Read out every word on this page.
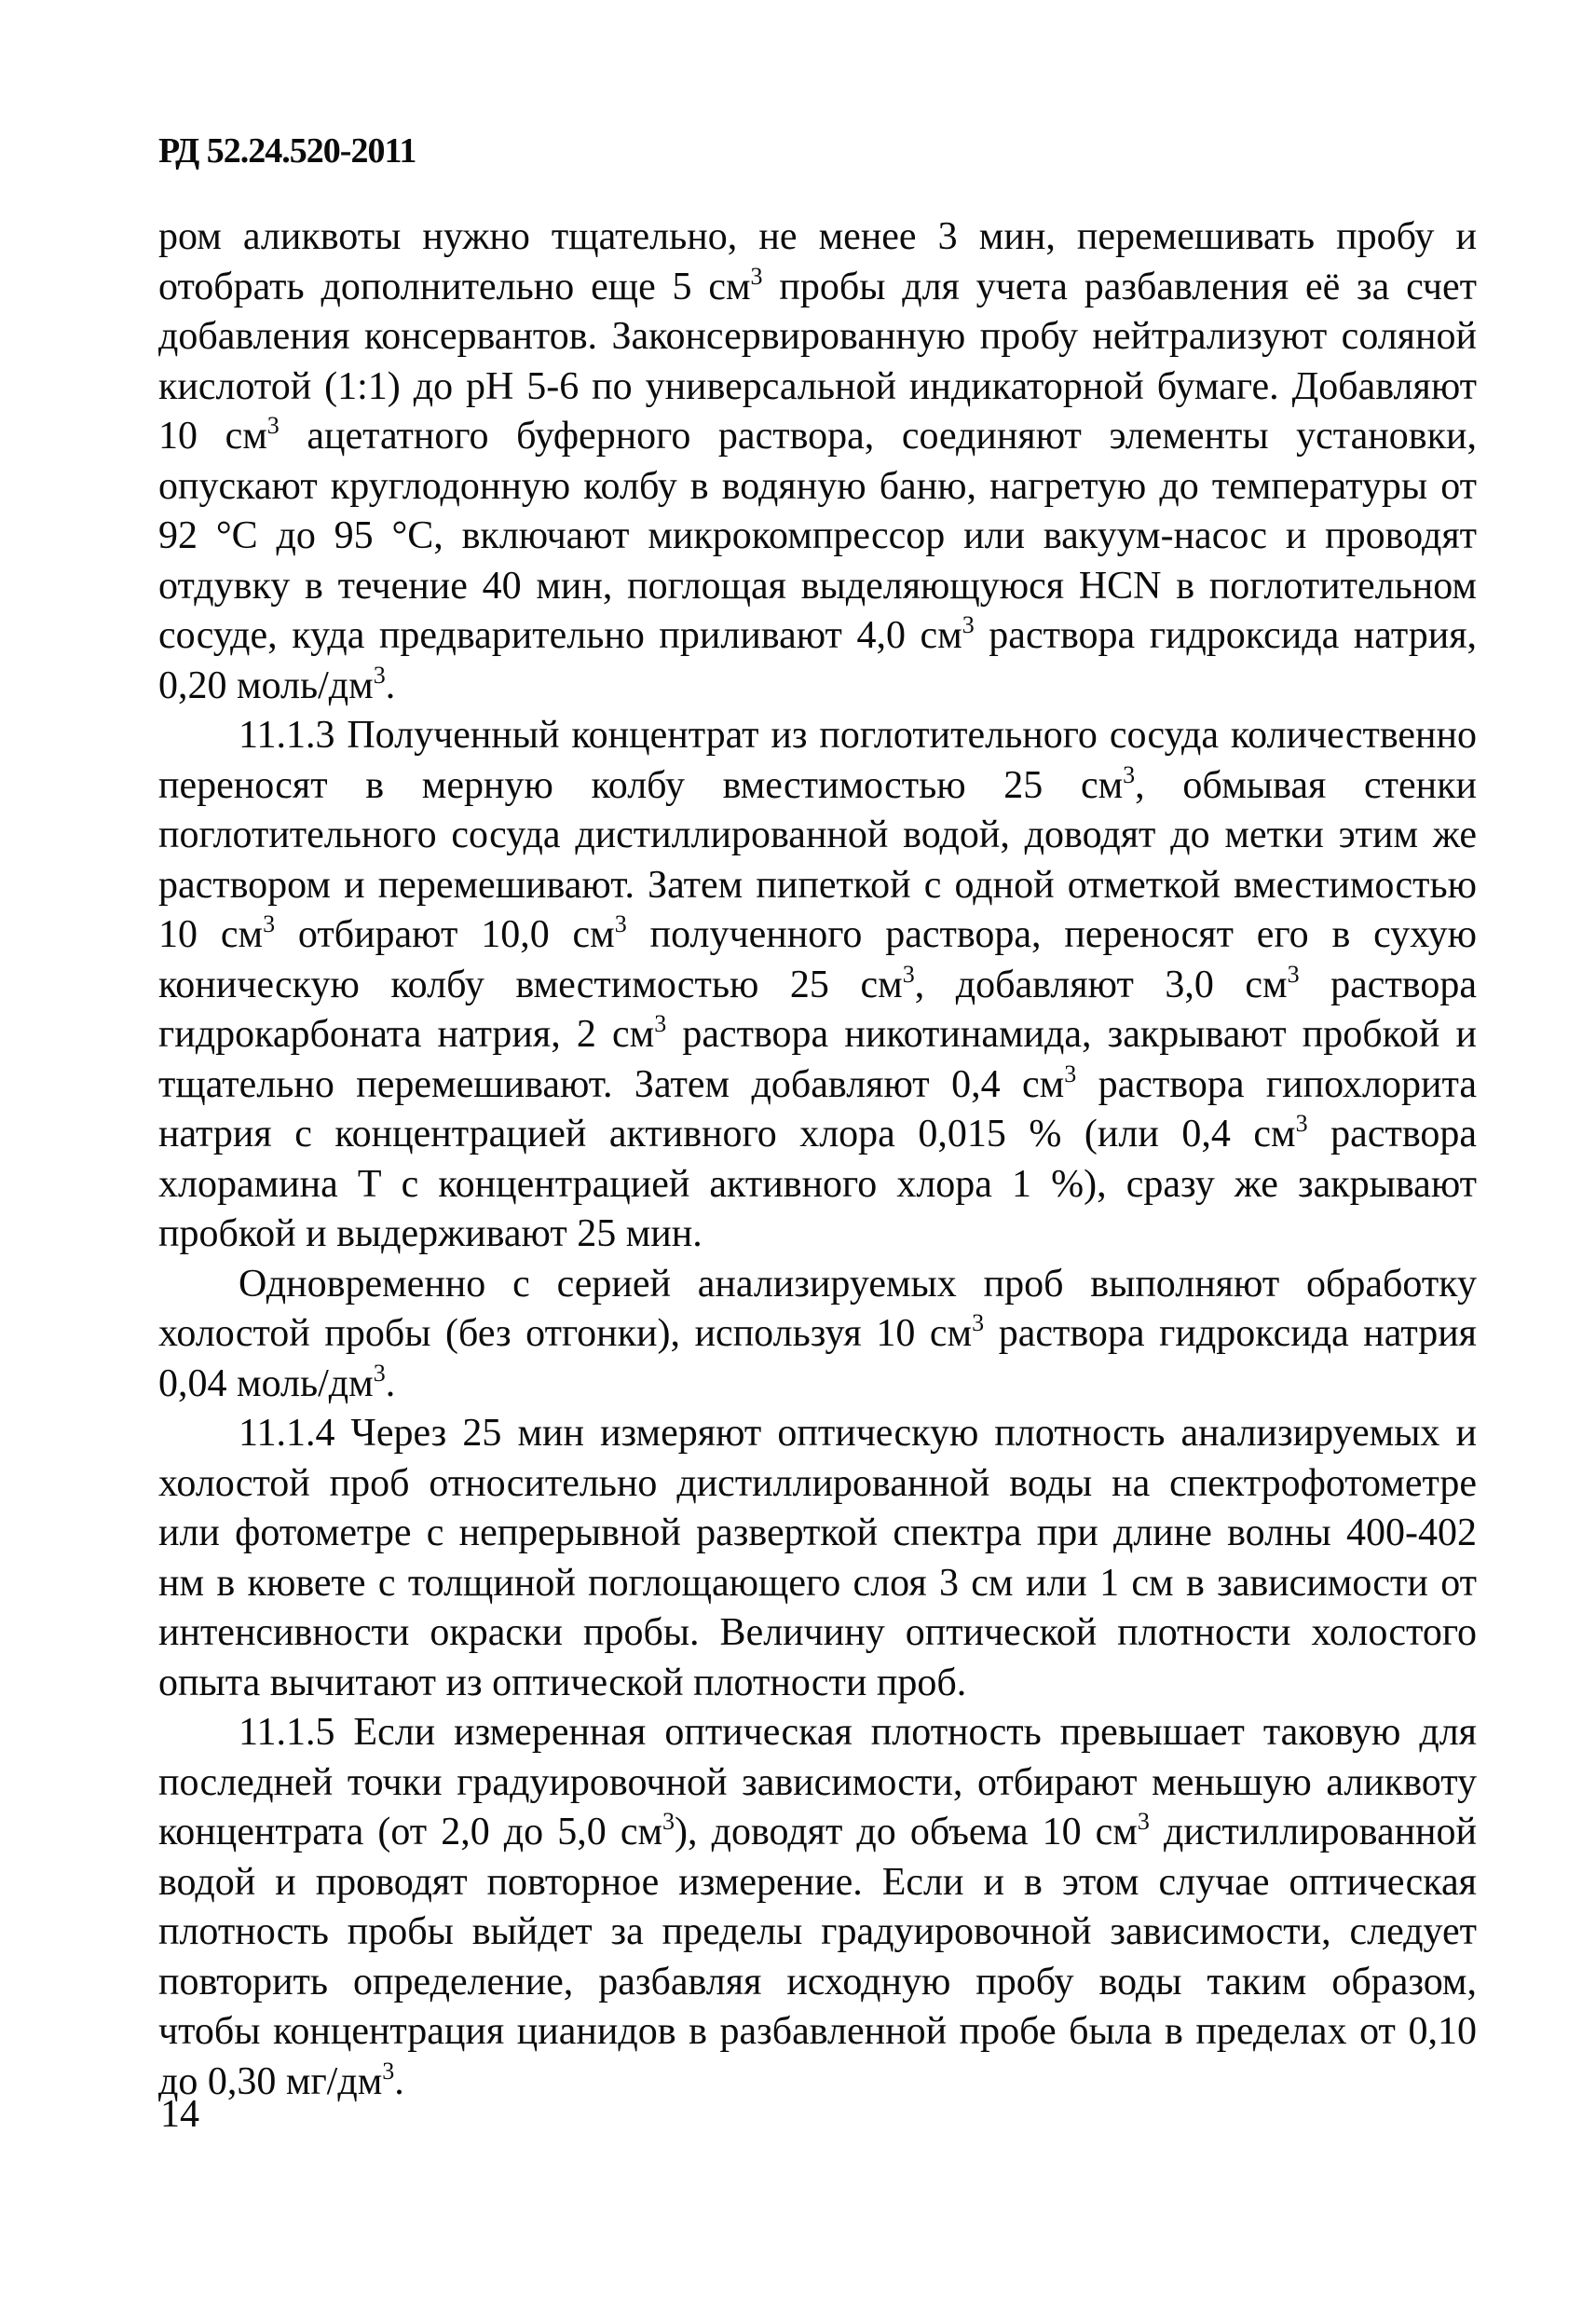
РД 52.24.520-2011

ром аликвоты нужно тщательно, не менее 3 мин, перемешивать пробу и отобрать дополнительно еще 5 $см^3$ пробы для учета разбавления её за счет добавления консервантов. Законсервированную пробу нейтрализуют соляной кислотой (1:1) до pH 5-6 по универсальной индикаторной бумаге. Добавляют 10 $см^3$ ацетатного буферного раствора, соединяют элементы установки, опускают круглодонную колбу в водяную баню, нагретую до температуры от 92 °С до 95 °С, включают микрокомпрессор или вакуум-насос и проводят отдувку в течение 40 мин, поглощая выделяющуюся HCN в поглотительном сосуде, куда предварительно приливают 4,0 $см^3$ раствора гидроксида натрия, 0,20 моль/$дм^3$.

11.1.3 Полученный концентрат из поглотительного сосуда количественно переносят в мерную колбу вместимостью 25 $см^3$, обмывая стенки поглотительного сосуда дистиллированной водой, доводят до метки этим же раствором и перемешивают. Затем пипеткой с одной отметкой вместимостью 10 $см^3$ отбирают 10,0 $см^3$ полученного раствора, переносят его в сухую коническую колбу вместимостью 25 $см^3$, добавляют 3,0 $см^3$ раствора гидрокарбоната натрия, 2 $см^3$ раствора никотинамида, закрывают пробкой и тщательно перемешивают. Затем добавляют 0,4 $см^3$ раствора гипохлорита натрия с концентрацией активного хлора 0,015 % (или 0,4 $см^3$ раствора хлорамина Т с концентрацией активного хлора 1 %), сразу же закрывают пробкой и выдерживают 25 мин.

Одновременно с серией анализируемых проб выполняют обработку холостой пробы (без отгонки), используя 10 $см^3$ раствора гидроксида натрия 0,04 моль/$дм^3$.

11.1.4 Через 25 мин измеряют оптическую плотность анализируемых и холостой проб относительно дистиллированной воды на спектрофотометре или фотометре с непрерывной разверткой спектра при длине волны 400-402 нм в кювете с толщиной поглощающего слоя 3 см или 1 см в зависимости от интенсивности окраски пробы. Величину оптической плотности холостого опыта вычитают из оптической плотности проб.

11.1.5 Если измеренная оптическая плотность превышает таковую для последней точки градуировочной зависимости, отбирают меньшую аликвоту концентрата (от 2,0 до 5,0 $см^3$), доводят до объема 10 $см^3$ дистиллированной водой и проводят повторное измерение. Если и в этом случае оптическая плотность пробы выйдет за пределы градуировочной зависимости, следует повторить определение, разбавляя исходную пробу воды таким образом, чтобы концентрация цианидов в разбавленной пробе была в пределах от 0,10 до 0,30 $мг/дм^3$.

14
